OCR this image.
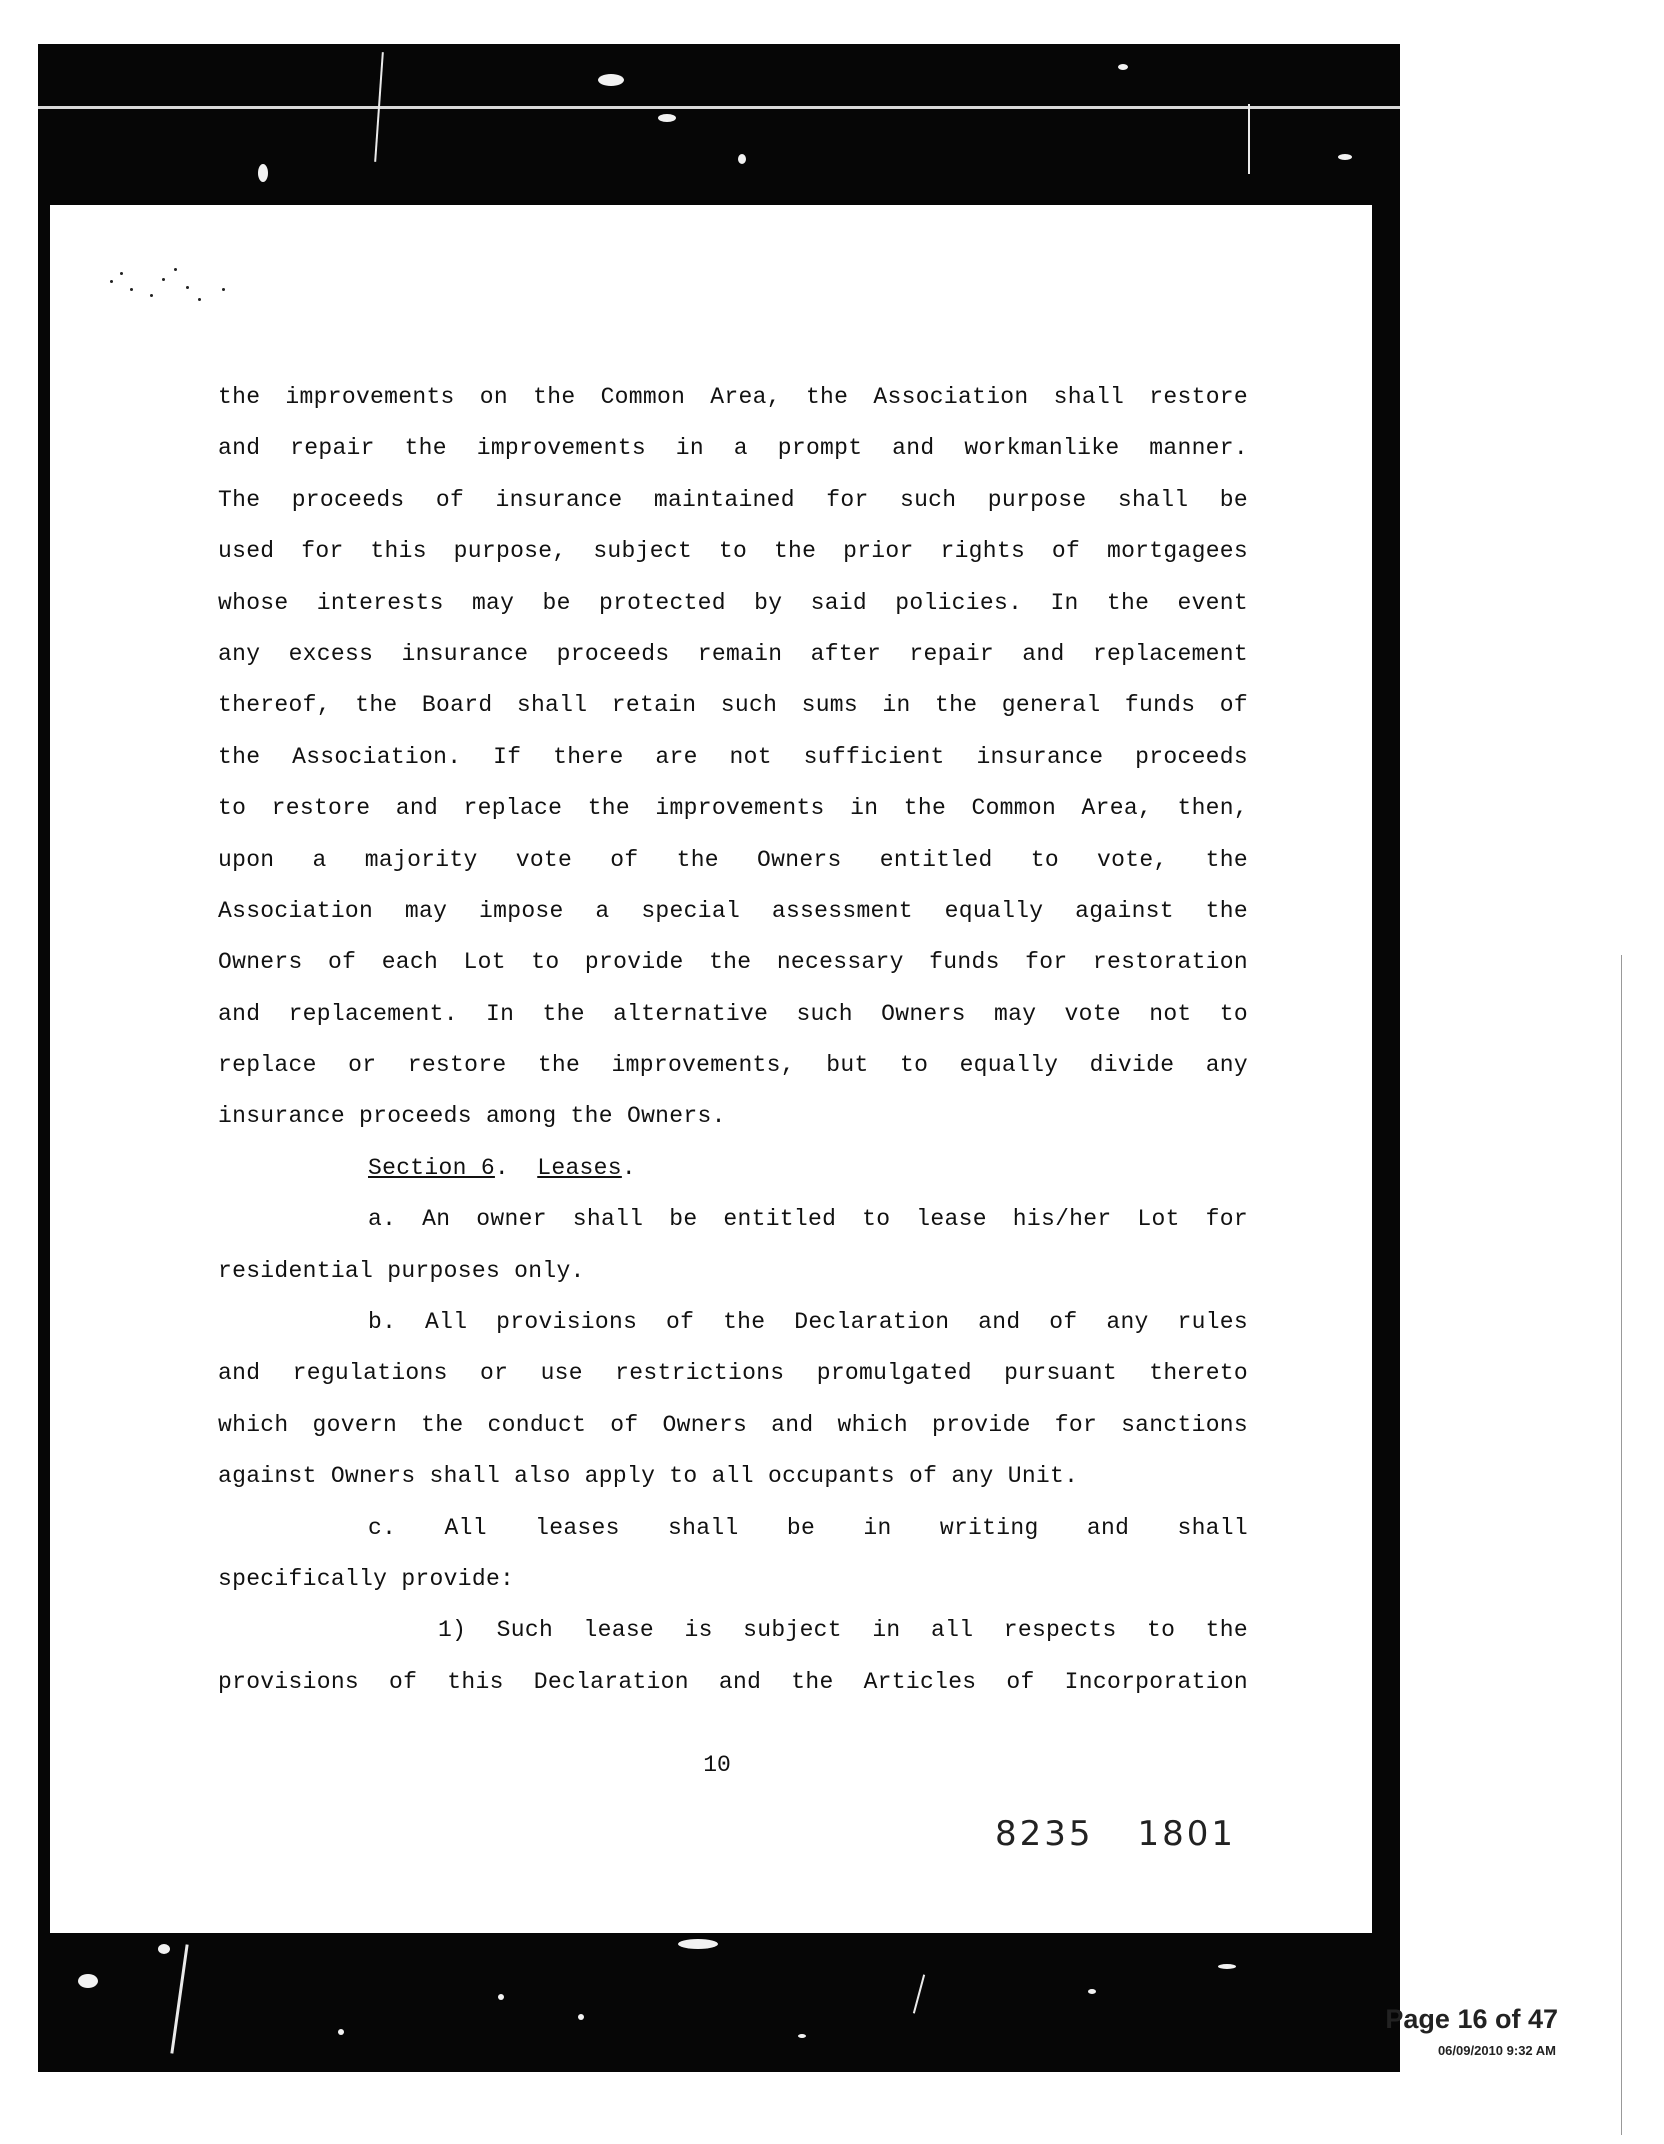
the improvements on the Common Area, the Association shall restore
and repair the improvements in a prompt and workmanlike manner.
The proceeds of insurance maintained for such purpose shall be
used for this purpose, subject to the prior rights of mortgagees
whose interests may be protected by said policies. In the event
any excess insurance proceeds remain after repair and replacement
thereof, the Board shall retain such sums in the general funds of
the Association. If there are not sufficient insurance proceeds
to restore and replace the improvements in the Common Area, then,
upon a majority vote of the Owners entitled to vote, the
Association may impose a special assessment equally against the
Owners of each Lot to provide the necessary funds for restoration
and replacement. In the alternative such Owners may vote not to
replace or restore the improvements, but to equally divide any
insurance proceeds among the Owners.
Section 6.  Leases.
a. An owner shall be entitled to lease his/her Lot for
residential purposes only.
b. All provisions of the Declaration and of any rules
and regulations or use restrictions promulgated pursuant thereto
which govern the conduct of Owners and which provide for sanctions
against Owners shall also apply to all occupants of any Unit.
c. All leases shall be in writing and shall
specifically provide:
1) Such lease is subject in all respects to the
provisions of this Declaration and the Articles of Incorporation
10
8235 1801
Page 16 of 47
06/09/2010 9:32 AM
